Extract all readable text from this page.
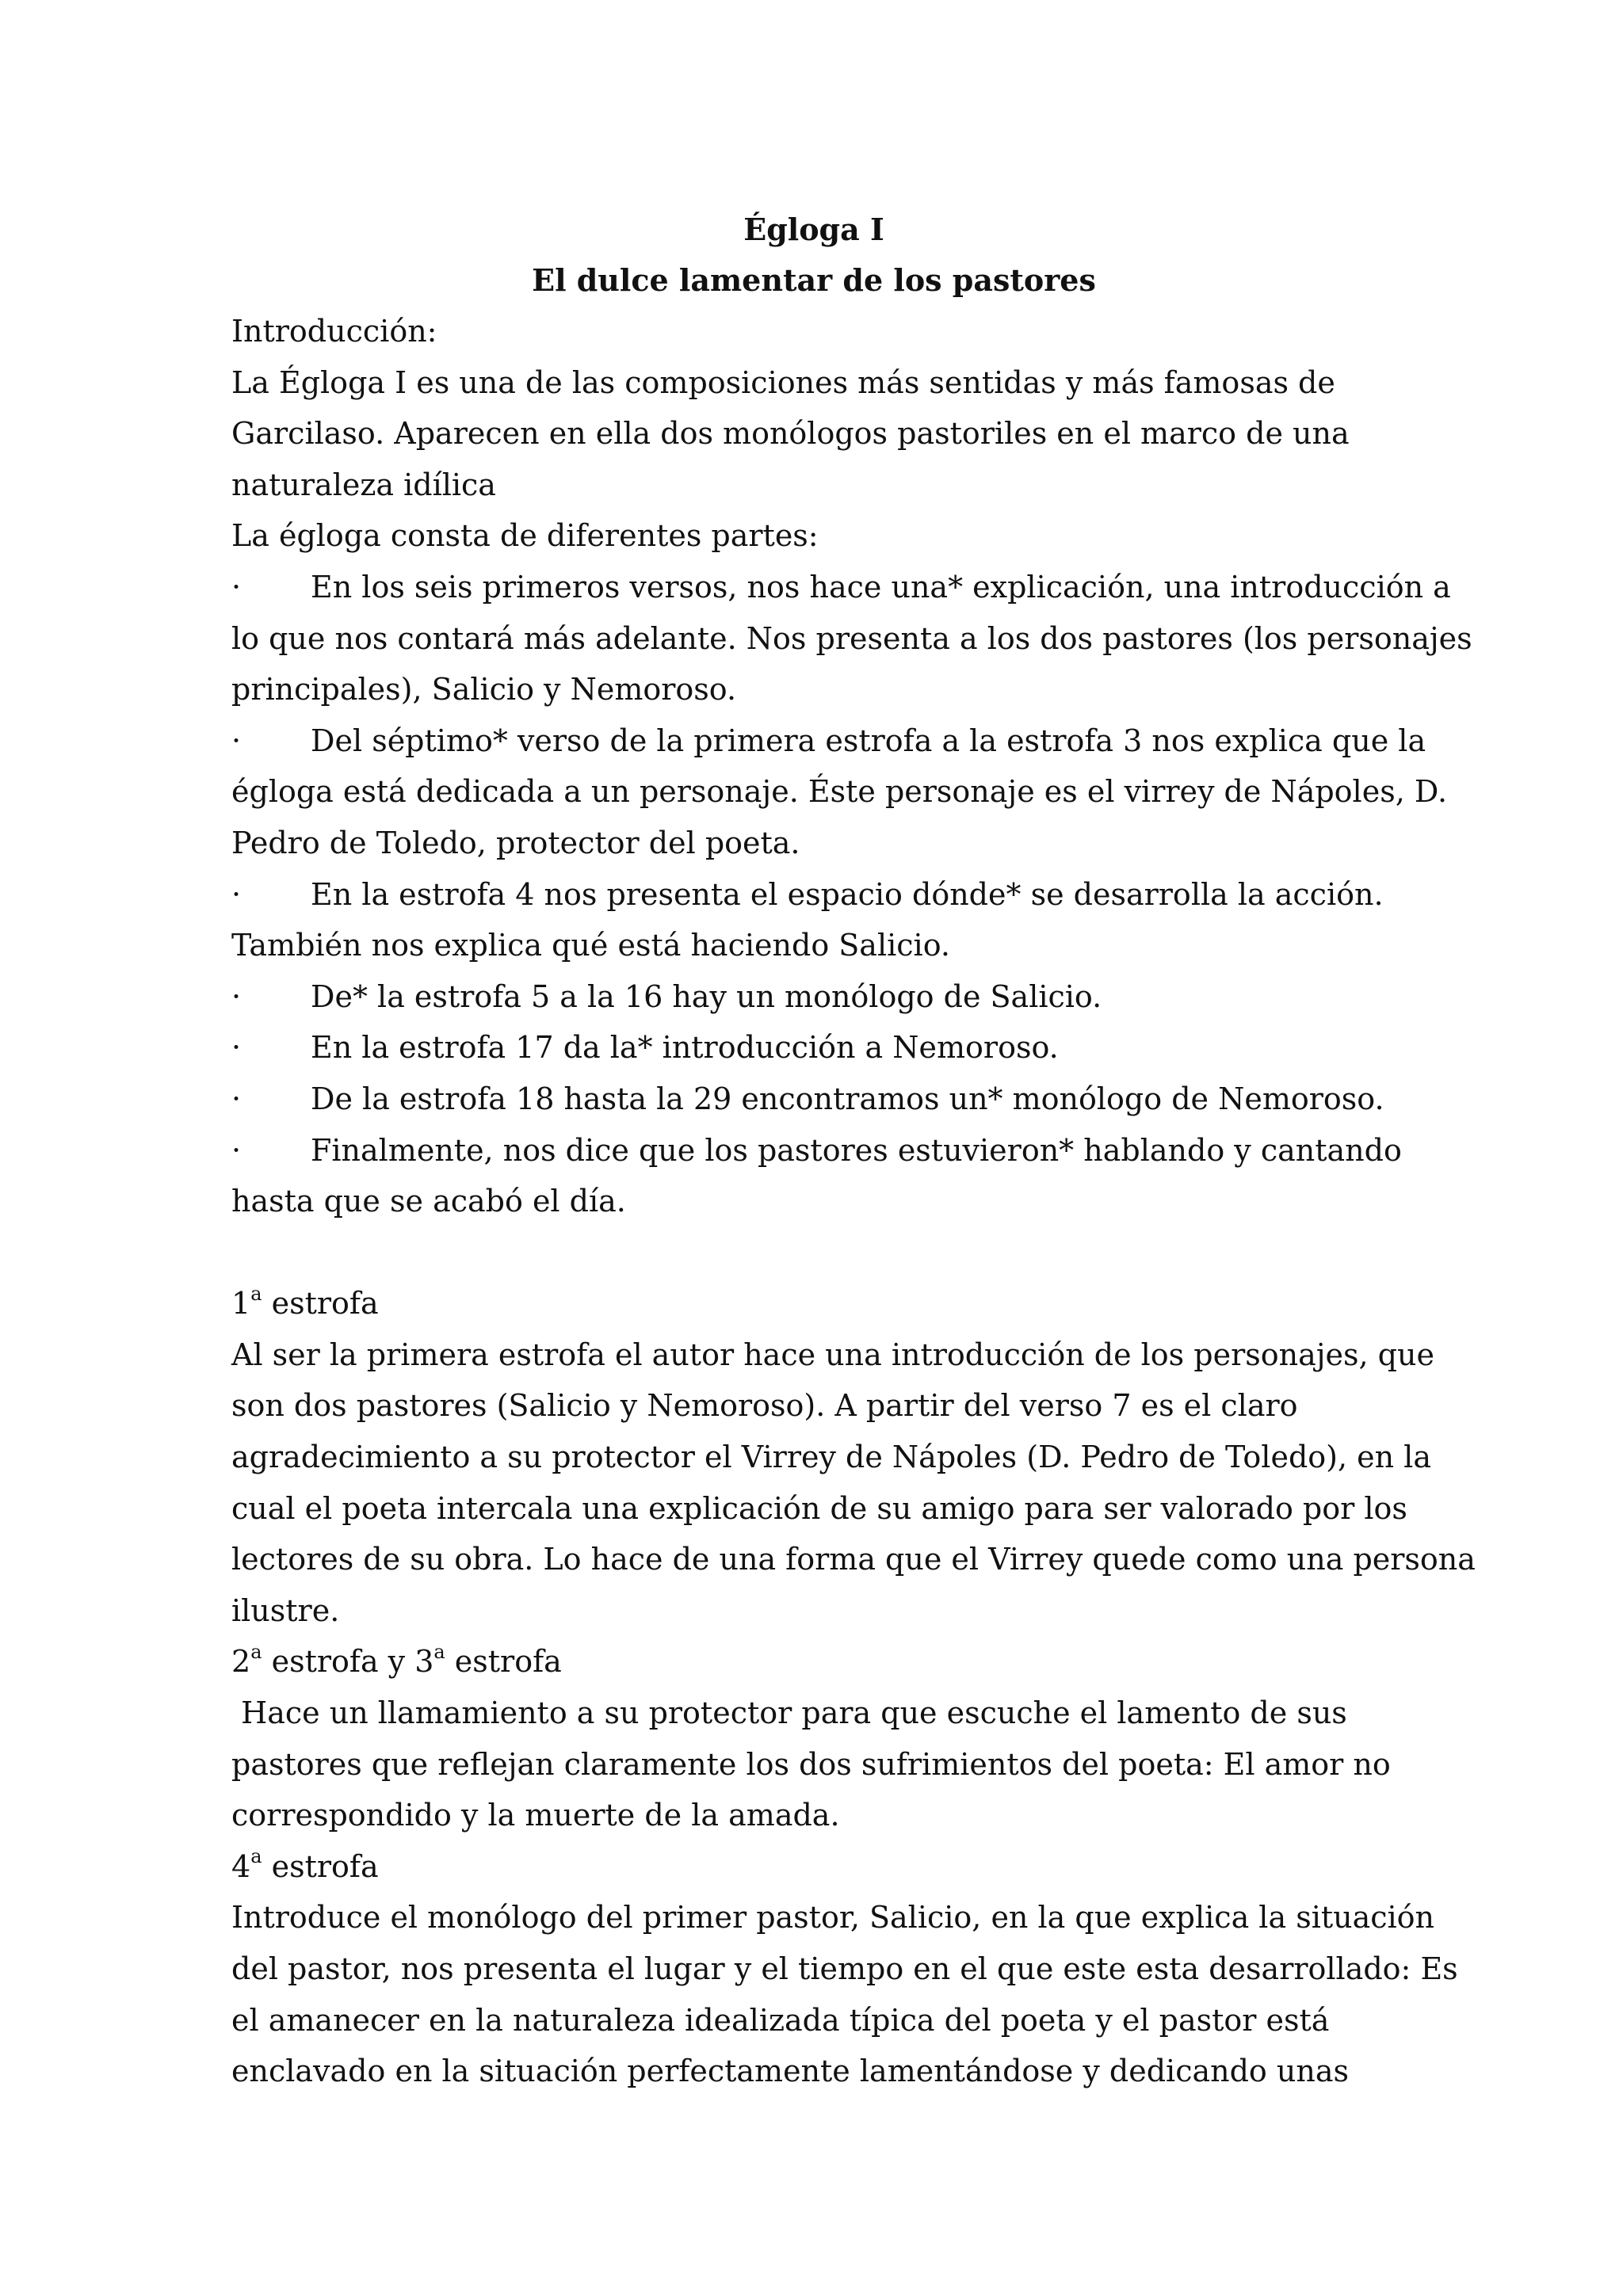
Égloga I

El dulce lamentar de los pastores

Introducción:

La Égloga I es una de las composiciones más sentidas y más famosas de

Garcilaso. Aparecen en ella dos monólogos pastoriles en el marco de una

naturaleza idílica

La égloga consta de diferentes partes:

· En los seis primeros versos, nos hace una* explicación, una introducción a

lo que nos contará más adelante. Nos presenta a los dos pastores (los personajes

principales), Salicio y Nemoroso.

· Del séptimo* verso de la primera estrofa a la estrofa 3 nos explica que la

égloga está dedicada a un personaje. Éste personaje es el virrey de Nápoles, D.

Pedro de Toledo, protector del poeta.

· En la estrofa 4 nos presenta el espacio dónde* se desarrolla la acción.

También nos explica qué está haciendo Salicio.

· De* la estrofa 5 a la 16 hay un monólogo de Salicio.

· En la estrofa 17 da la* introducción a Nemoroso.

· De la estrofa 18 hasta la 29 encontramos un* monólogo de Nemoroso.

· Finalmente, nos dice que los pastores estuvieron* hablando y cantando

hasta que se acabó el día.

1$^a$ estrofa

Al ser la primera estrofa el autor hace una introducción de los personajes, que

son dos pastores (Salicio y Nemoroso). A partir del verso 7 es el claro

agradecimiento a su protector el Virrey de Nápoles (D. Pedro de Toledo), en la

cual el poeta intercala una explicación de su amigo para ser valorado por los

lectores de su obra. Lo hace de una forma que el Virrey quede como una persona

ilustre.

2$^a$ estrofa y 3$^a$ estrofa

Hace un llamamiento a su protector para que escuche el lamento de sus

pastores que reflejan claramente los dos sufrimientos del poeta: El amor no

correspondido y la muerte de la amada.

4$^a$ estrofa

Introduce el monólogo del primer pastor, Salicio, en la que explica la situación

del pastor, nos presenta el lugar y el tiempo en el que este esta desarrollado: Es

el amanecer en la naturaleza idealizada típica del poeta y el pastor está

enclavado en la situación perfectamente lamentándose y dedicando unas
